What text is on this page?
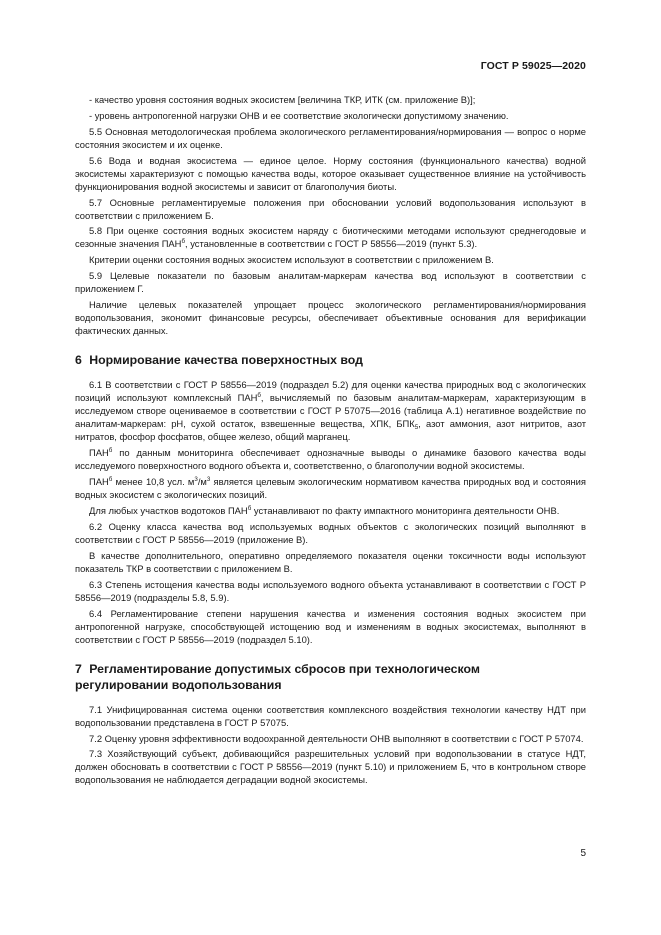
ГОСТ Р 59025—2020

- качество уровня состояния водных экосистем [величина ТКР, ИТК (см. приложение В)];

- уровень антропогенной нагрузки ОНВ и ее соответствие экологически допустимому значению.

5.5 Основная методологическая проблема экологического регламентирования/нормирования — вопрос о норме состояния экосистем и их оценке.

5.6 Вода и водная экосистема — единое целое. Норму состояния (функционального качества) водной экосистемы характеризуют с помощью качества воды, которое оказывает существенное влияние на устойчивость функционирования водной экосистемы и зависит от благополучия биоты.

5.7 Основные регламентируемые положения при обосновании условий водопользования используют в соответствии с приложением Б.

5.8 При оценке состояния водных экосистем наряду с биотическими методами используют среднегодовые и сезонные значения $ПАН^б$, установленные в соответствии с ГОСТ Р 58556—2019 (пункт 5.3).

Критерии оценки состояния водных экосистем используют в соответствии с приложением В.

5.9 Целевые показатели по базовым аналитам-маркерам качества вод используют в соответствии с приложением Г.

Наличие целевых показателей упрощает процесс экологического регламентирования/нормирования водопользования, экономит финансовые ресурсы, обеспечивает объективные основания для верификации фактических данных.

6 Нормирование качества поверхностных вод

6.1 В соответствии с ГОСТ Р 58556—2019 (подраздел 5.2) для оценки качества природных вод с экологических позиций используют комплексный $ПАН^б$, вычисляемый по базовым аналитам-маркерам, характеризующим в исследуемом створе оцениваемое в соответствии с ГОСТ Р 57075—2016 (таблица А.1) негативное воздействие по аналитам-маркерам: рН, сухой остаток, взвешенные вещества, ХПК, $БПК_5$, азот аммония, азот нитритов, азот нитратов, фосфор фосфатов, общее железо, общий марганец.

$ПАН^б$ по данным мониторинга обеспечивает однозначные выводы о динамике базового качества воды исследуемого поверхностного водного объекта и, соответственно, о благополучии водной экосистемы.

$ПАН^б$ менее 10,8 усл. $м^3/м^3$ является целевым экологическим нормативом качества природных вод и состояния водных экосистем с экологических позиций.

Для любых участков водотоков $ПАН^б$ устанавливают по факту импактного мониторинга деятельности ОНВ.

6.2 Оценку класса качества вод используемых водных объектов с экологических позиций выполняют в соответствии с ГОСТ Р 58556—2019 (приложение В).

В качестве дополнительного, оперативно определяемого показателя оценки токсичности воды используют показатель ТКР в соответствии с приложением В.

6.3 Степень истощения качества воды используемого водного объекта устанавливают в соответствии с ГОСТ Р 58556—2019 (подразделы 5.8, 5.9).

6.4 Регламентирование степени нарушения качества и изменения состояния водных экосистем при антропогенной нагрузке, способствующей истощению вод и изменениям в водных экосистемах, выполняют в соответствии с ГОСТ Р 58556—2019 (подраздел 5.10).

7 Регламентирование допустимых сбросов при технологическом
регулировании водопользования

7.1 Унифицированная система оценки соответствия комплексного воздействия технологии качеству НДТ при водопользовании представлена в ГОСТ Р 57075.

7.2 Оценку уровня эффективности водоохранной деятельности ОНВ выполняют в соответствии с ГОСТ Р 57074.

7.3 Хозяйствующий субъект, добивающийся разрешительных условий при водопользовании в статусе НДТ, должен обосновать в соответствии с ГОСТ Р 58556—2019 (пункт 5.10) и приложением Б, что в контрольном створе водопользования не наблюдается деградации водной экосистемы.

5
